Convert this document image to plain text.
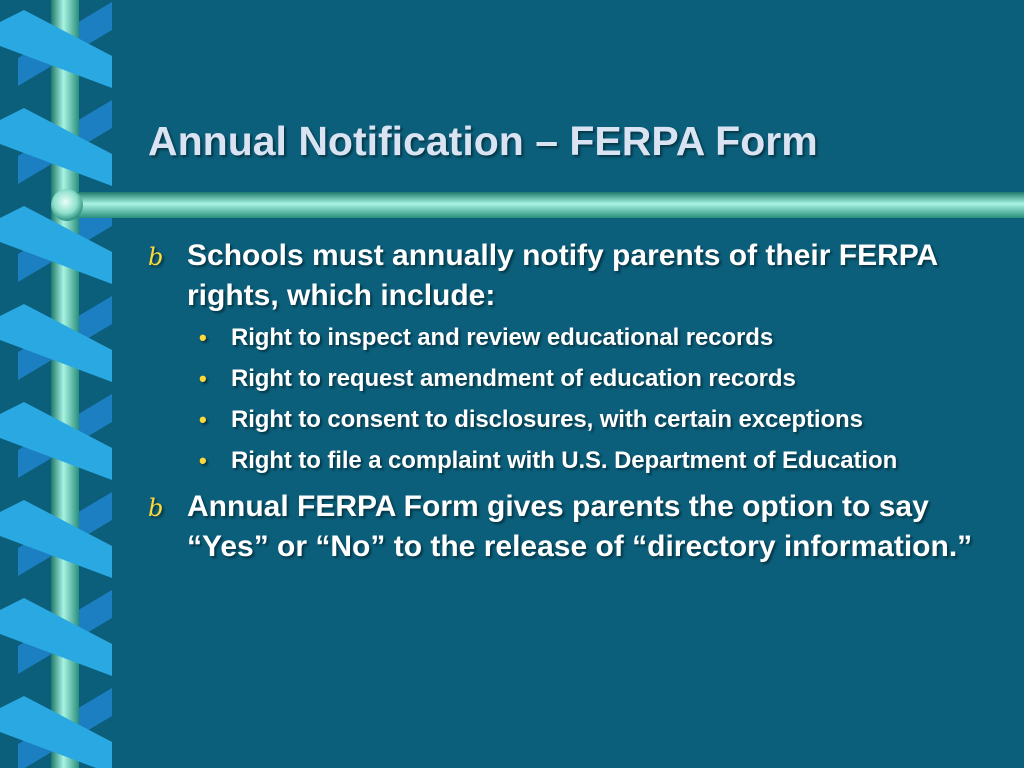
Annual Notification – FERPA Form
b Schools must annually notify parents of their FERPA rights, which include:
• Right to inspect and review educational records
• Right to request amendment of education records
• Right to consent to disclosures, with certain exceptions
• Right to file a complaint with U.S. Department of Education
b Annual FERPA Form gives parents the option to say “Yes” or “No” to the release of “directory information.”
